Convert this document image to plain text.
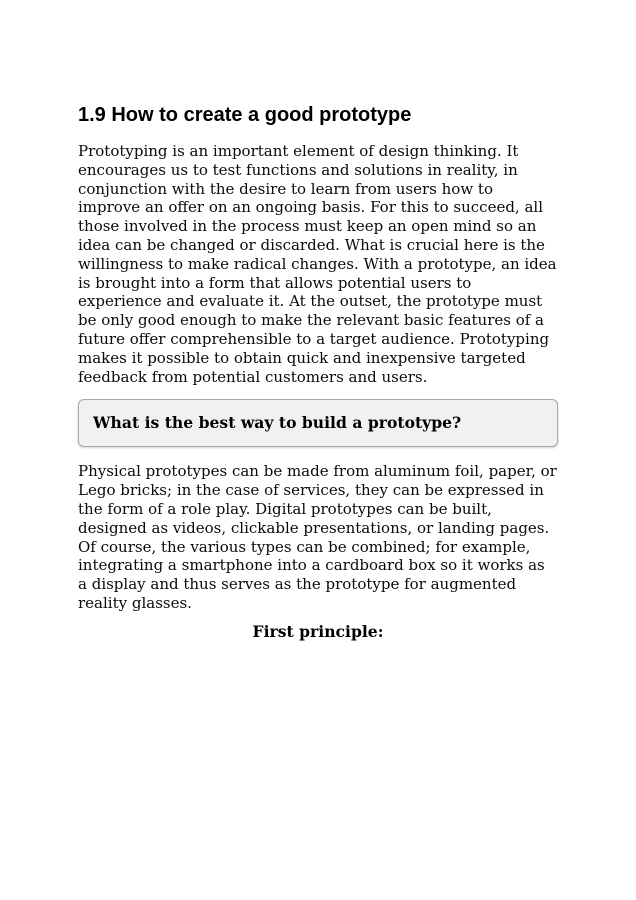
1.9 How to create a good prototype

Prototyping is an important element of design thinking. It encourages us to test functions and solutions in reality, in conjunction with the desire to learn from users how to improve an offer on an ongoing basis. For this to succeed, all those involved in the process must keep an open mind so an idea can be changed or discarded. What is crucial here is the willingness to make radical changes. With a prototype, an idea is brought into a form that allows potential users to experience and evaluate it. At the outset, the prototype must be only good enough to make the relevant basic features of a future offer comprehensible to a target audience. Prototyping makes it possible to obtain quick and inexpensive targeted feedback from potential customers and users.

What is the best way to build a prototype?

Physical prototypes can be made from aluminum foil, paper, or Lego bricks; in the case of services, they can be expressed in the form of a role play. Digital prototypes can be built, designed as videos, clickable presentations, or landing pages. Of course, the various types can be combined; for example, integrating a smartphone into a cardboard box so it works as a display and thus serves as the prototype for augmented reality glasses.

First principle:
